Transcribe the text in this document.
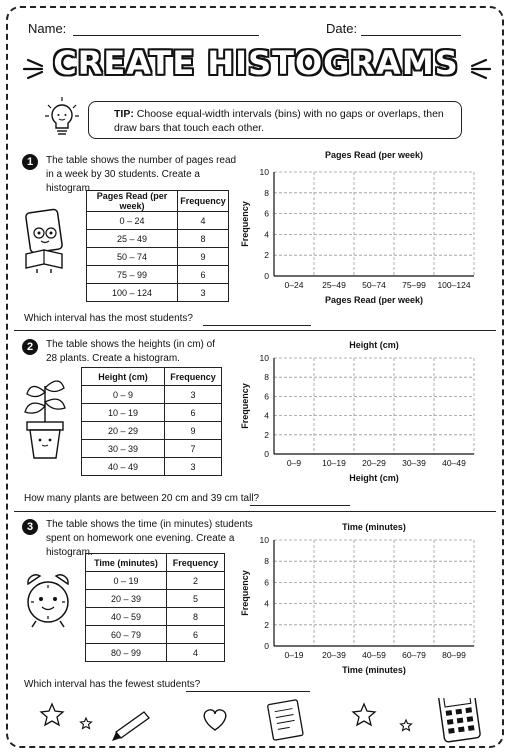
Name:	Date:
CREATE HISTOGRAMS
TIP: Choose equal-width intervals (bins) with no gaps or overlaps, then draw bars that touch each other.
1	The table shows the number of pages read in a week by 30 students. Create a histogram.
Pages Read (per week)	Frequency
0 – 24	4
25 – 49	8
50 – 74	9
75 – 99	6
100 – 124	3
Pages Read (per week)
0
2
4
6
8
10
0–24 25–49 50–74 75–99 100–124
Pages Read (per week)
Frequency
Which interval has the most students?
2	The table shows the heights (in cm) of 28 plants. Create a histogram.
Height (cm)	Frequency
0 – 9	3
10 – 19	6
20 – 29	9
30 – 39	7
40 – 49	3
Height (cm)
0
2
4
6
8
10
0–9 10–19 20–29 30–39 40–49
Height (cm)
Frequency
How many plants are between 20 cm and 39 cm tall?
3	The table shows the time (in minutes) students spent on homework one evening. Create a histogram.
Time (minutes)	Frequency
0 – 19	2
20 – 39	5
40 – 59	8
60 – 79	6
80 – 99	4
Time (minutes)
0
2
4
6
8
10
0–19 20–39 40–59 60–79 80–99
Time (minutes)
Frequency
Which interval has the fewest students?
